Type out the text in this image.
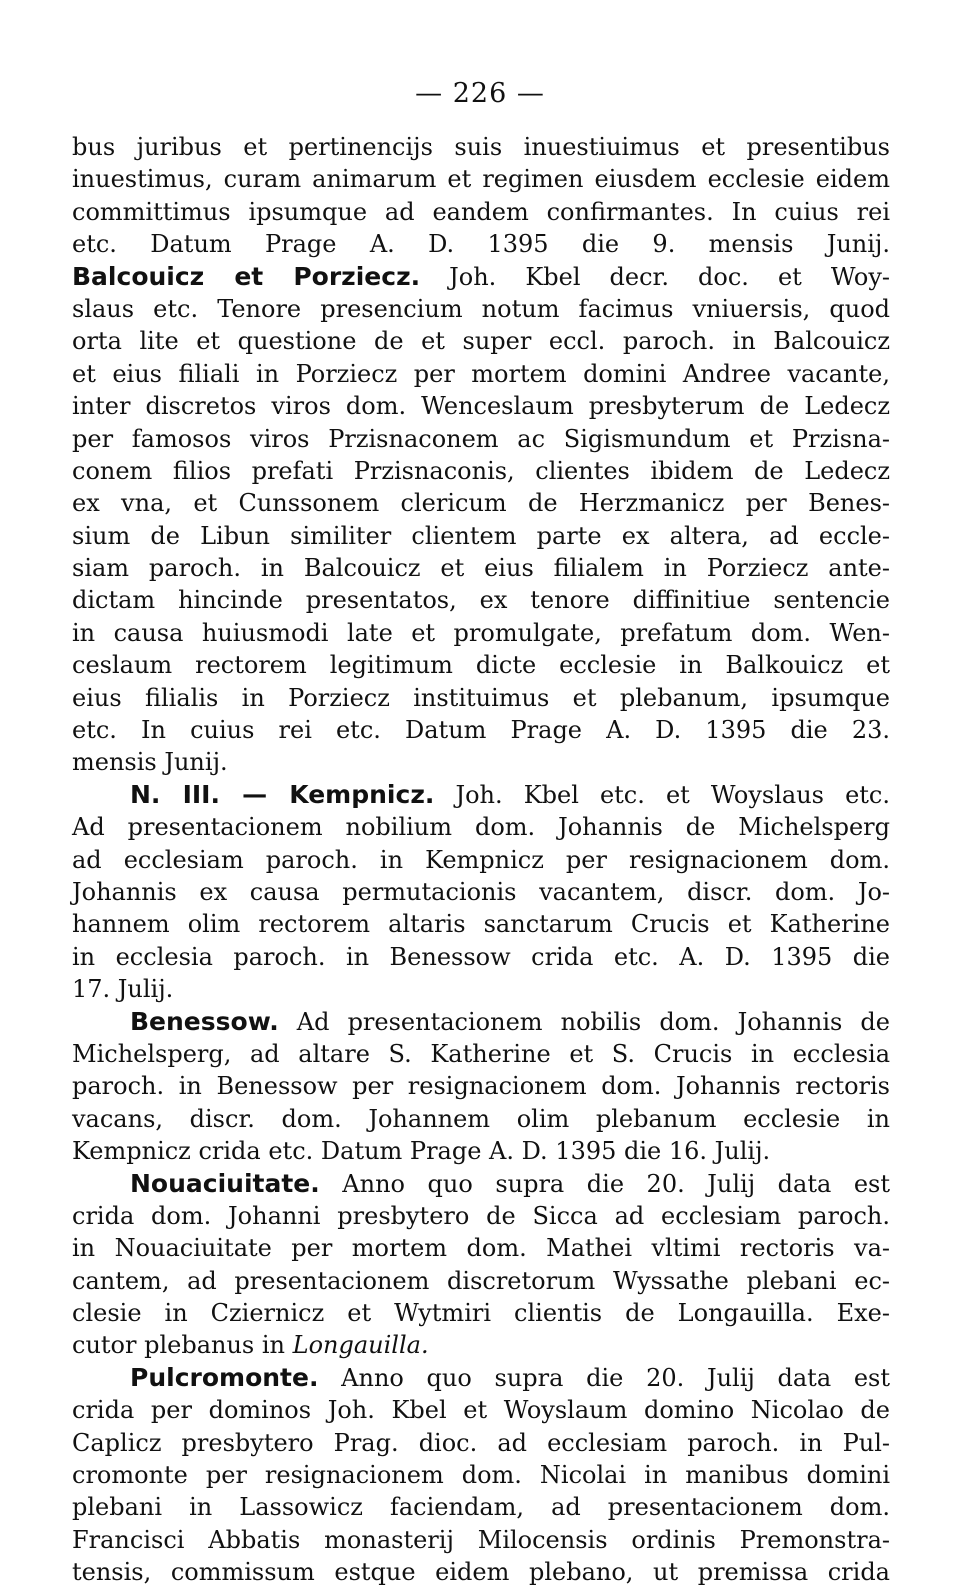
— 226 —
bus juribus et pertinencijs suis inuestiuimus et presentibus
inuestimus, curam animarum et regimen eiusdem ecclesie eidem
committimus ipsumque ad eandem confirmantes. In cuius rei
etc. Datum Prage A. D. 1395 die 9. mensis Junij.
Balcouicz et Porziecz. Joh. Kbel decr. doc. et Woy-
slaus etc. Tenore presencium notum facimus vniuersis, quod
orta lite et questione de et super eccl. paroch. in Balcouicz
et eius filiali in Porziecz per mortem domini Andree vacante,
inter discretos viros dom. Wenceslaum presbyterum de Ledecz
per famosos viros Przisnaconem ac Sigismundum et Przisna-
conem filios prefati Przisnaconis, clientes ibidem de Ledecz
ex vna, et Cunssonem clericum de Herzmanicz per Benes-
sium de Libun similiter clientem parte ex altera, ad eccle-
siam paroch. in Balcouicz et eius filialem in Porziecz ante-
dictam hincinde presentatos, ex tenore diffinitiue sentencie
in causa huiusmodi late et promulgate, prefatum dom. Wen-
ceslaum rectorem legitimum dicte ecclesie in Balkouicz et
eius filialis in Porziecz instituimus et plebanum, ipsumque
etc. In cuius rei etc. Datum Prage A. D. 1395 die 23.
mensis Junij.
N. III. — Kempnicz. Joh. Kbel etc. et Woyslaus etc.
Ad presentacionem nobilium dom. Johannis de Michelsperg
ad ecclesiam paroch. in Kempnicz per resignacionem dom.
Johannis ex causa permutacionis vacantem, discr. dom. Jo-
hannem olim rectorem altaris sanctarum Crucis et Katherine
in ecclesia paroch. in Benessow crida etc. A. D. 1395 die
17. Julij.
Benessow. Ad presentacionem nobilis dom. Johannis de
Michelsperg, ad altare S. Katherine et S. Crucis in ecclesia
paroch. in Benessow per resignacionem dom. Johannis rectoris
vacans, discr. dom. Johannem olim plebanum ecclesie in
Kempnicz crida etc. Datum Prage A. D. 1395 die 16. Julij.
Nouaciuitate. Anno quo supra die 20. Julij data est
crida dom. Johanni presbytero de Sicca ad ecclesiam paroch.
in Nouaciuitate per mortem dom. Mathei vltimi rectoris va-
cantem, ad presentacionem discretorum Wyssathe plebani ec-
clesie in Cziernicz et Wytmiri clientis de Longauilla. Exe-
cutor plebanus in Longauilla.
Pulcromonte. Anno quo supra die 20. Julij data est
crida per dominos Joh. Kbel et Woyslaum domino Nicolao de
Caplicz presbytero Prag. dioc. ad ecclesiam paroch. in Pul-
cromonte per resignacionem dom. Nicolai in manibus domini
plebani in Lassowicz faciendam, ad presentacionem dom.
Francisci Abbatis monasterij Milocensis ordinis Premonstra-
tensis, commissum estque eidem plebano, ut premissa crida
